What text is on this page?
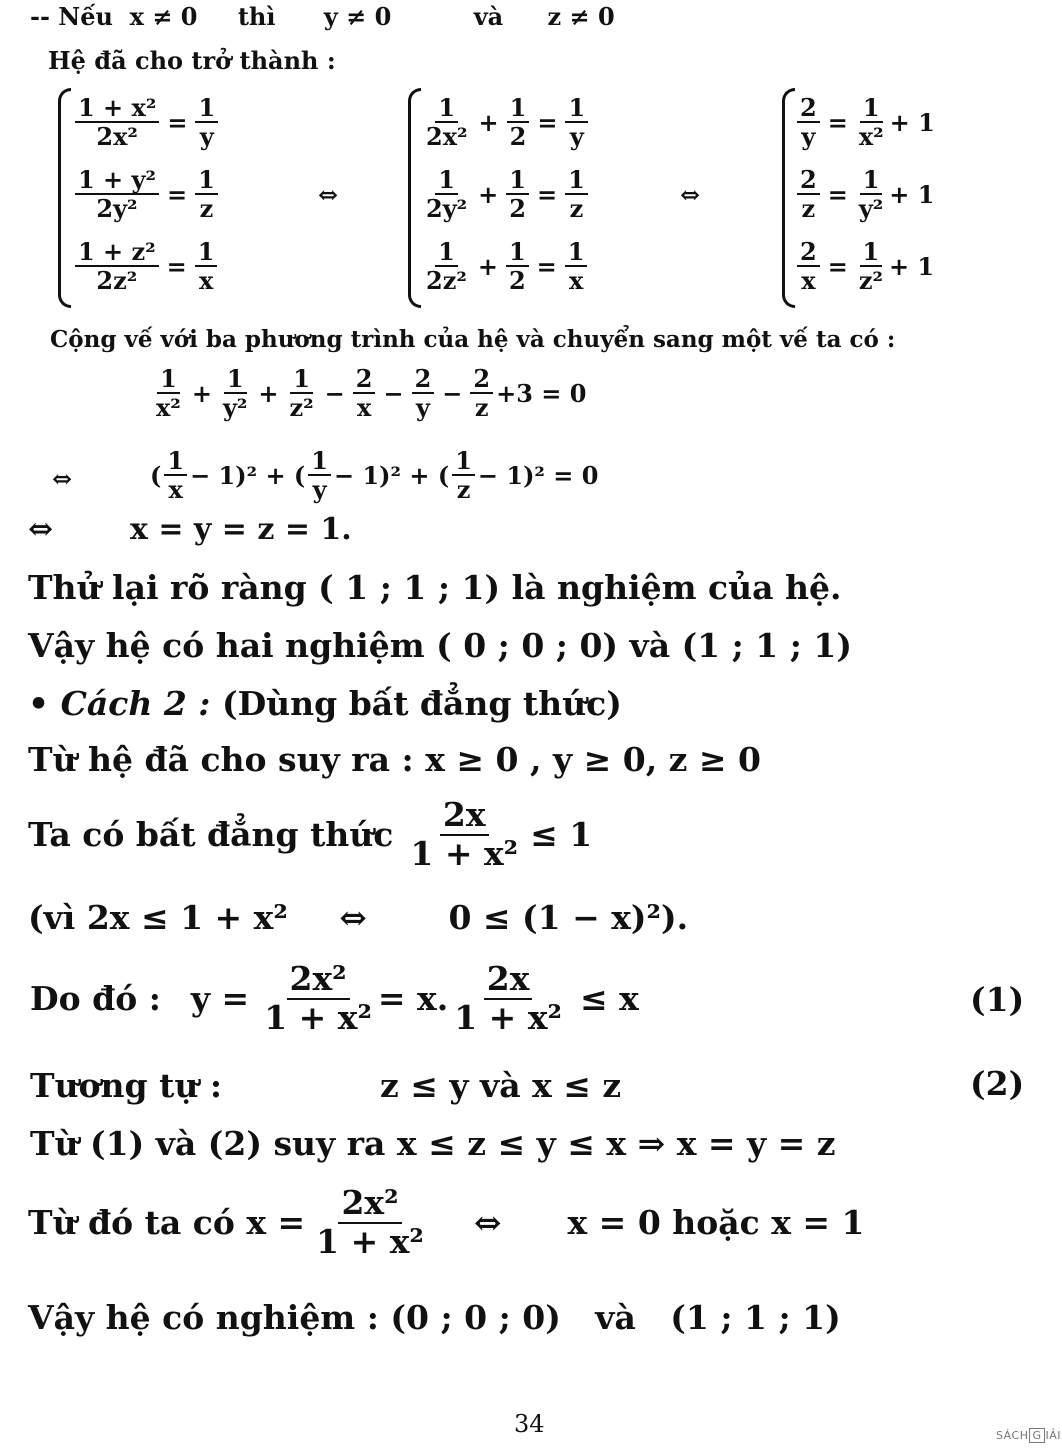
-- Nếu x ≠ 0 thì y ≠ 0	và z ≠ 0
Hệ đã cho trở thành :
$\frac{\text{1 + x²}}{\text{2x²}} = \frac{1}{y}$
$\frac{\text{1 + y²}}{\text{2y²}} = \frac{1}{z}$
$\frac{\text{1 + z²}}{\text{2z²}} = \frac{1}{x}$
⇔
$\frac{1}{\text{2x²}} + \frac{1}{2} = \frac{1}{y}$
$\frac{1}{\text{2y²}} + \frac{1}{2} = \frac{1}{z}$
$\frac{1}{\text{2z²}} + \frac{1}{2} = \frac{1}{x}$
⇔
$\frac{2}{y} = \frac{1}{\text{x²}} + 1$
$\frac{2}{z} = \frac{1}{\text{y²}} + 1$
$\frac{2}{x} = \frac{1}{\text{z²}} + 1$
Cộng vế với ba phương trình của hệ và chuyển sang một vế ta có :
$\frac{1}{\text{x²}} + \frac{1}{\text{y²}} + \frac{1}{\text{z²}} - \frac{2}{x} - \frac{2}{y} - \frac{2}{z} +3 = 0$
⇔	( $\frac{1}{x} - 1)^2$ + ( $\frac{1}{y} - 1)^2$ + ( $\frac{1}{z} - 1)^2 = 0$
⇔	x = y = z = 1.
Thử lại rõ ràng ( 1 ; 1 ; 1) là nghiệm của hệ.
Vậy hệ có hai nghiệm ( 0 ; 0 ; 0) và (1 ; 1 ; 1)
• Cách 2 : (Dùng bất đẳng thức)
Từ hệ đã cho suy ra : x ≥ 0 , y ≥ 0, z ≥ 0
Ta có bất đẳng thức $\frac{2x}{\text{1 + x²}} \le 1$
(vì 2x ≤ 1 + x² ⇔ 0 ≤ (1 − x)²).
Do đó : $y = \frac{\text{2x²}}{\text{1 + x²}} = x$. $\frac{2x}{\text{1 + x²}} \le x$	(1)
Tương tự :	z ≤ y và x ≤ z	(2)
Từ (1) và (2) suy ra x ≤ z ≤ y ≤ x ⇒ x = y = z
Từ đó ta có $x = \frac{\text{2x²}}{\text{1 + x²}}$ ⇔ x = 0 hoặc x = 1
Vậy hệ có nghiệm : (0 ; 0 ; 0)   và   (1 ; 1 ; 1)
34	SÁCH G IẢI
